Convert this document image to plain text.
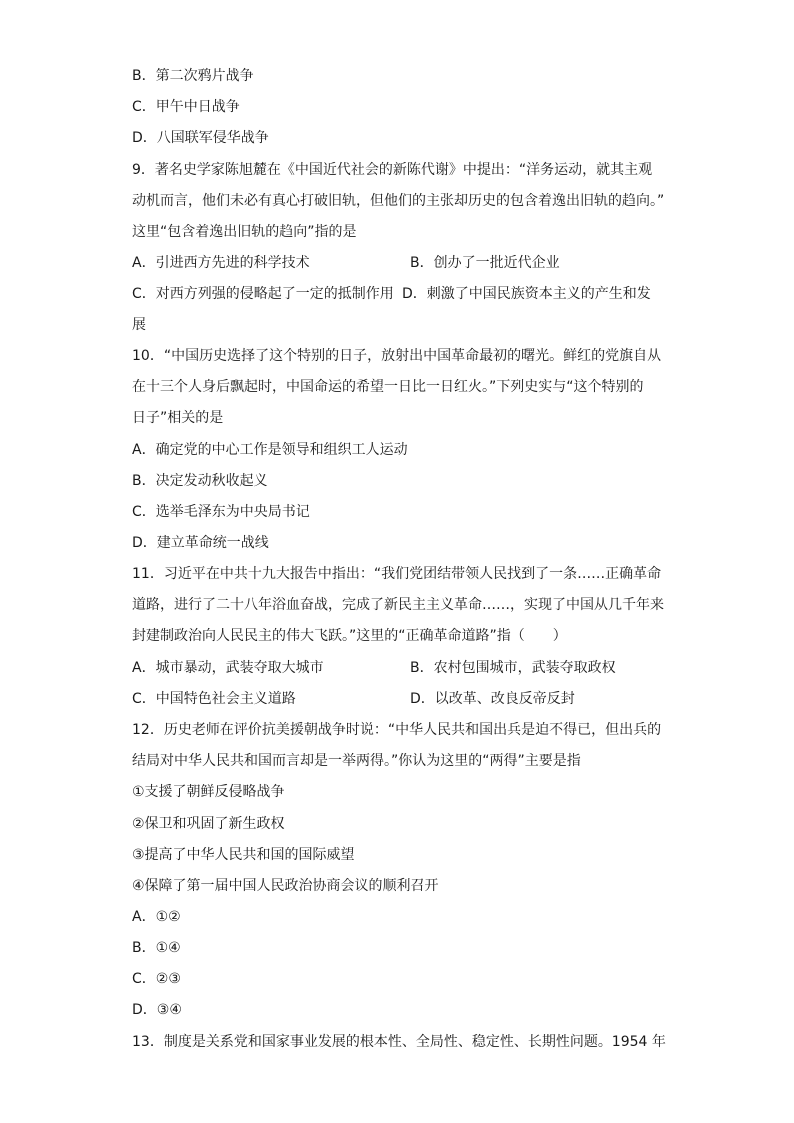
B．第二次鸦片战争
C．甲午中日战争
D．八国联军侵华战争
9．著名史学家陈旭麓在《中国近代社会的新陈代谢》中提出：“洋务运动，就其主观
动机而言，他们未必有真心打破旧轨，但他们的主张却历史的包含着逸出旧轨的趋向。”
这里“包含着逸出旧轨的趋向”指的是
A．引进西方先进的科学技术	B．创办了一批近代企业
C．对西方列强的侵略起了一定的抵制作用 D．刺激了中国民族资本主义的产生和发
展
10．“中国历史选择了这个特别的日子，放射出中国革命最初的曙光。鲜红的党旗自从
在十三个人身后飘起时，中国命运的希望一日比一日红火。”下列史实与“这个特别的
日子”相关的是
A．确定党的中心工作是领导和组织工人运动
B．决定发动秋收起义
C．选举毛泽东为中央局书记
D．建立革命统一战线
11．习近平在中共十九大报告中指出：“我们党团结带领人民找到了一条……正确革命
道路，进行了二十八年浴血奋战，完成了新民主主义革命……，实现了中国从几千年来
封建制政治向人民民主的伟大飞跃。”这里的“正确革命道路”指（　　）
A．城市暴动，武装夺取大城市	B．农村包围城市，武装夺取政权
C．中国特色社会主义道路	D．以改革、改良反帝反封
12．历史老师在评价抗美援朝战争时说：“中华人民共和国出兵是迫不得已，但出兵的
结局对中华人民共和国而言却是一举两得。”你认为这里的“两得”主要是指
①支援了朝鲜反侵略战争
②保卫和巩固了新生政权
③提高了中华人民共和国的国际威望
④保障了第一届中国人民政治协商会议的顺利召开
A．①②
B．①④
C．②③
D．③④
13．制度是关系党和国家事业发展的根本性、全局性、稳定性、长期性问题。1954 年
